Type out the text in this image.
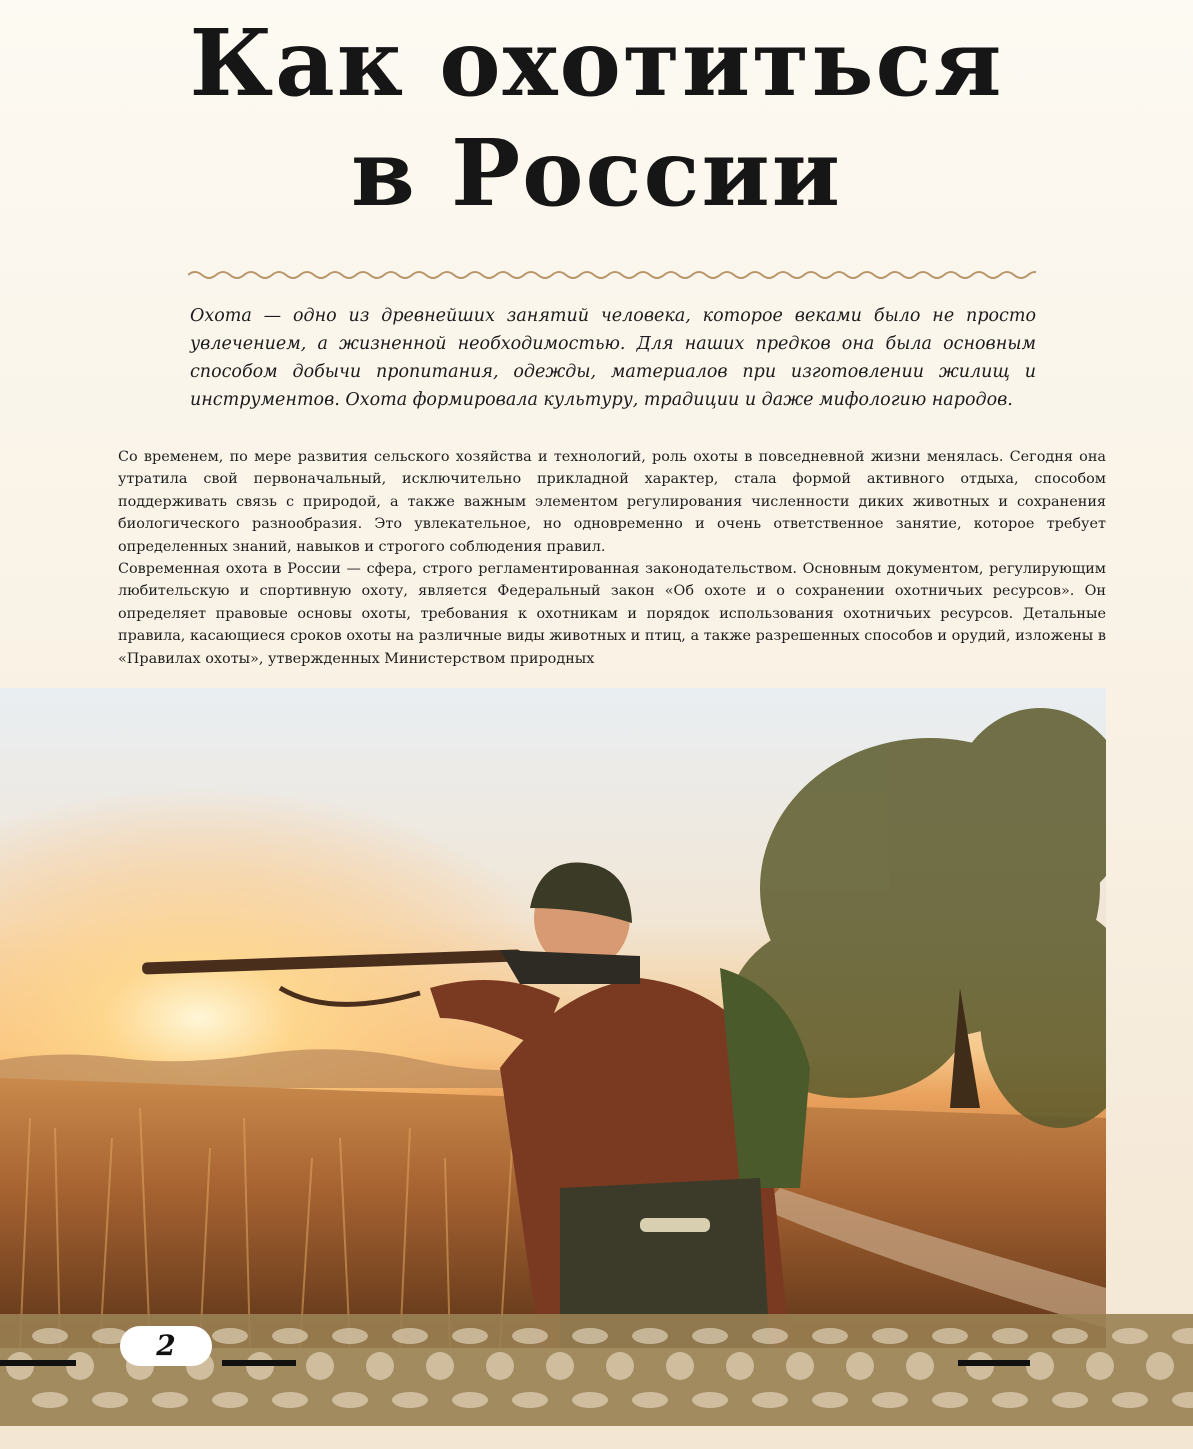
Как охотиться
в России

Охота — одно из древнейших занятий человека, которое веками было не просто увлечением, а жизненной необходимостью. Для наших предков она была основным способом добычи пропитания, одежды, материалов при изготовлении жилищ и инструментов. Охота формировала культуру, традиции и даже мифологию народов.

Со временем, по мере развития сельского хозяйства и технологий, роль охоты в повседневной жизни менялась. Сегодня она утратила свой первоначальный, исключительно прикладной характер, стала формой активного отдыха, способом поддерживать связь с природой, а также важным элементом регулирования численности диких животных и сохранения биологического разнообразия. Это увлекательное, но одновременно и очень ответственное занятие, которое требует определенных знаний, навыков и строгого соблюдения правил.

Современная охота в России — сфера, строго регламентированная законодательством. Основным документом, регулирующим любительскую и спортивную охоту, является Федеральный закон «Об охоте и о сохранении охотничьих ресурсов». Он определяет правовые основы охоты, требования к охотникам и порядок использования охотничьих ресурсов. Детальные правила, касающиеся сроков охоты на различные виды животных и птиц, а также разрешенных способов и орудий, изложены в «Правилах охоты», утвержденных Министерством природных

2
